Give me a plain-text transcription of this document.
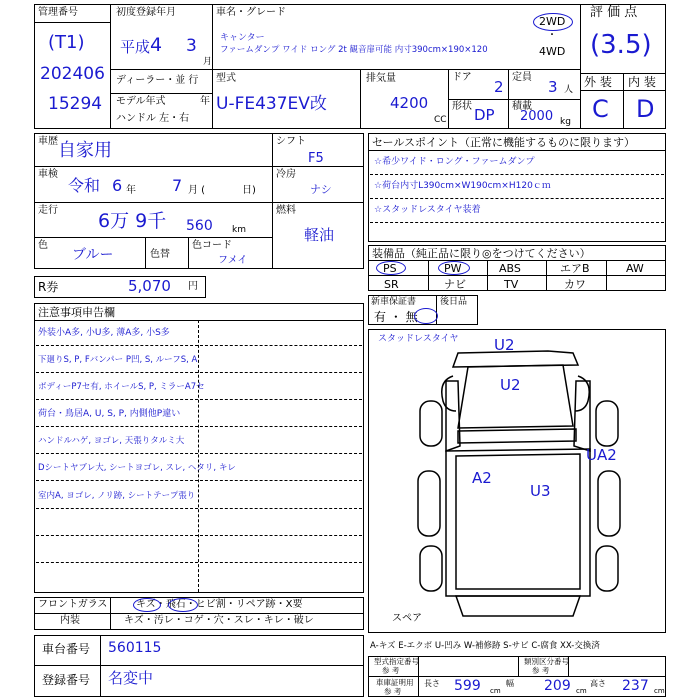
管理番号
(T1)
202406
15294
初度登録年月
平成 4 3
月
車名・グレード
キャンター
ファームダンプ ワイド ロング 2t 観音扉可能 内寸390cm×190×120
2WD
・
4WD
評 価 点
(3.5)
ディーラー・並 行
モデル年式	年
ハンドル 左・右
型式
U-FE437EV改
排気量
4200
CC
ドア
2
定員
3 人
形状 DP 積載
2000 kg
外 装 内 装
C D
車歴 自家用
車検
令和 6 年 7 月 (	日)
走行 6万 9千 560 km
色
ブルー	色替
色コード
フメイ
シフト
F5
冷房
ナシ
燃料
軽油
R券	5,070 円
セールスポイント（正常に機能するものに限ります）
☆希少ワイド・ロング・ファームダンプ
☆荷台内寸L390cm×W190cm×H120ｃｍ
☆スタッドレスタイヤ装着
装備品（純正品に限り◎をつけてください）
PS	PW	ABS	エアB	AW
SR	ナビ	TV	カワ
新車保証書
有 ・ 無
後日品
注意事項申告欄
外装小A多, 小U多, 薄A多, 小S多
下廻りS, P, Fバンパー P凹, S, ルーフS, A
ボディーP7セ有, ホイールS, P, ミラーA7セ
荷台・鳥居A, U, S, P, 内側他P違い
ハンドルハゲ, ヨゴレ, 天張りタルミ大
Dシートヤブレ大, シートヨゴレ, スレ, ヘタリ, キレ
室内A, ヨゴレ, ノリ跡, シートテープ張り
スタッドレスタイヤ U2
U2
UA2
A2
U3
スペア
フロントガラス	キズ・飛石・ヒビ割・リペア跡・X要
内装	キズ・汚レ・コゲ・穴・スレ・キレ・破レ
車台番号 560115
登録番号 名変中
A-キズ E-エクボ U-凹み W-補修跡 S-サビ C-腐食 XX-交換済
型式指定番号
参 考
類別区分番号
参 考
車庫証明用
参 考
長さ 599 cm
幅 209 cm
高さ 237 cm
